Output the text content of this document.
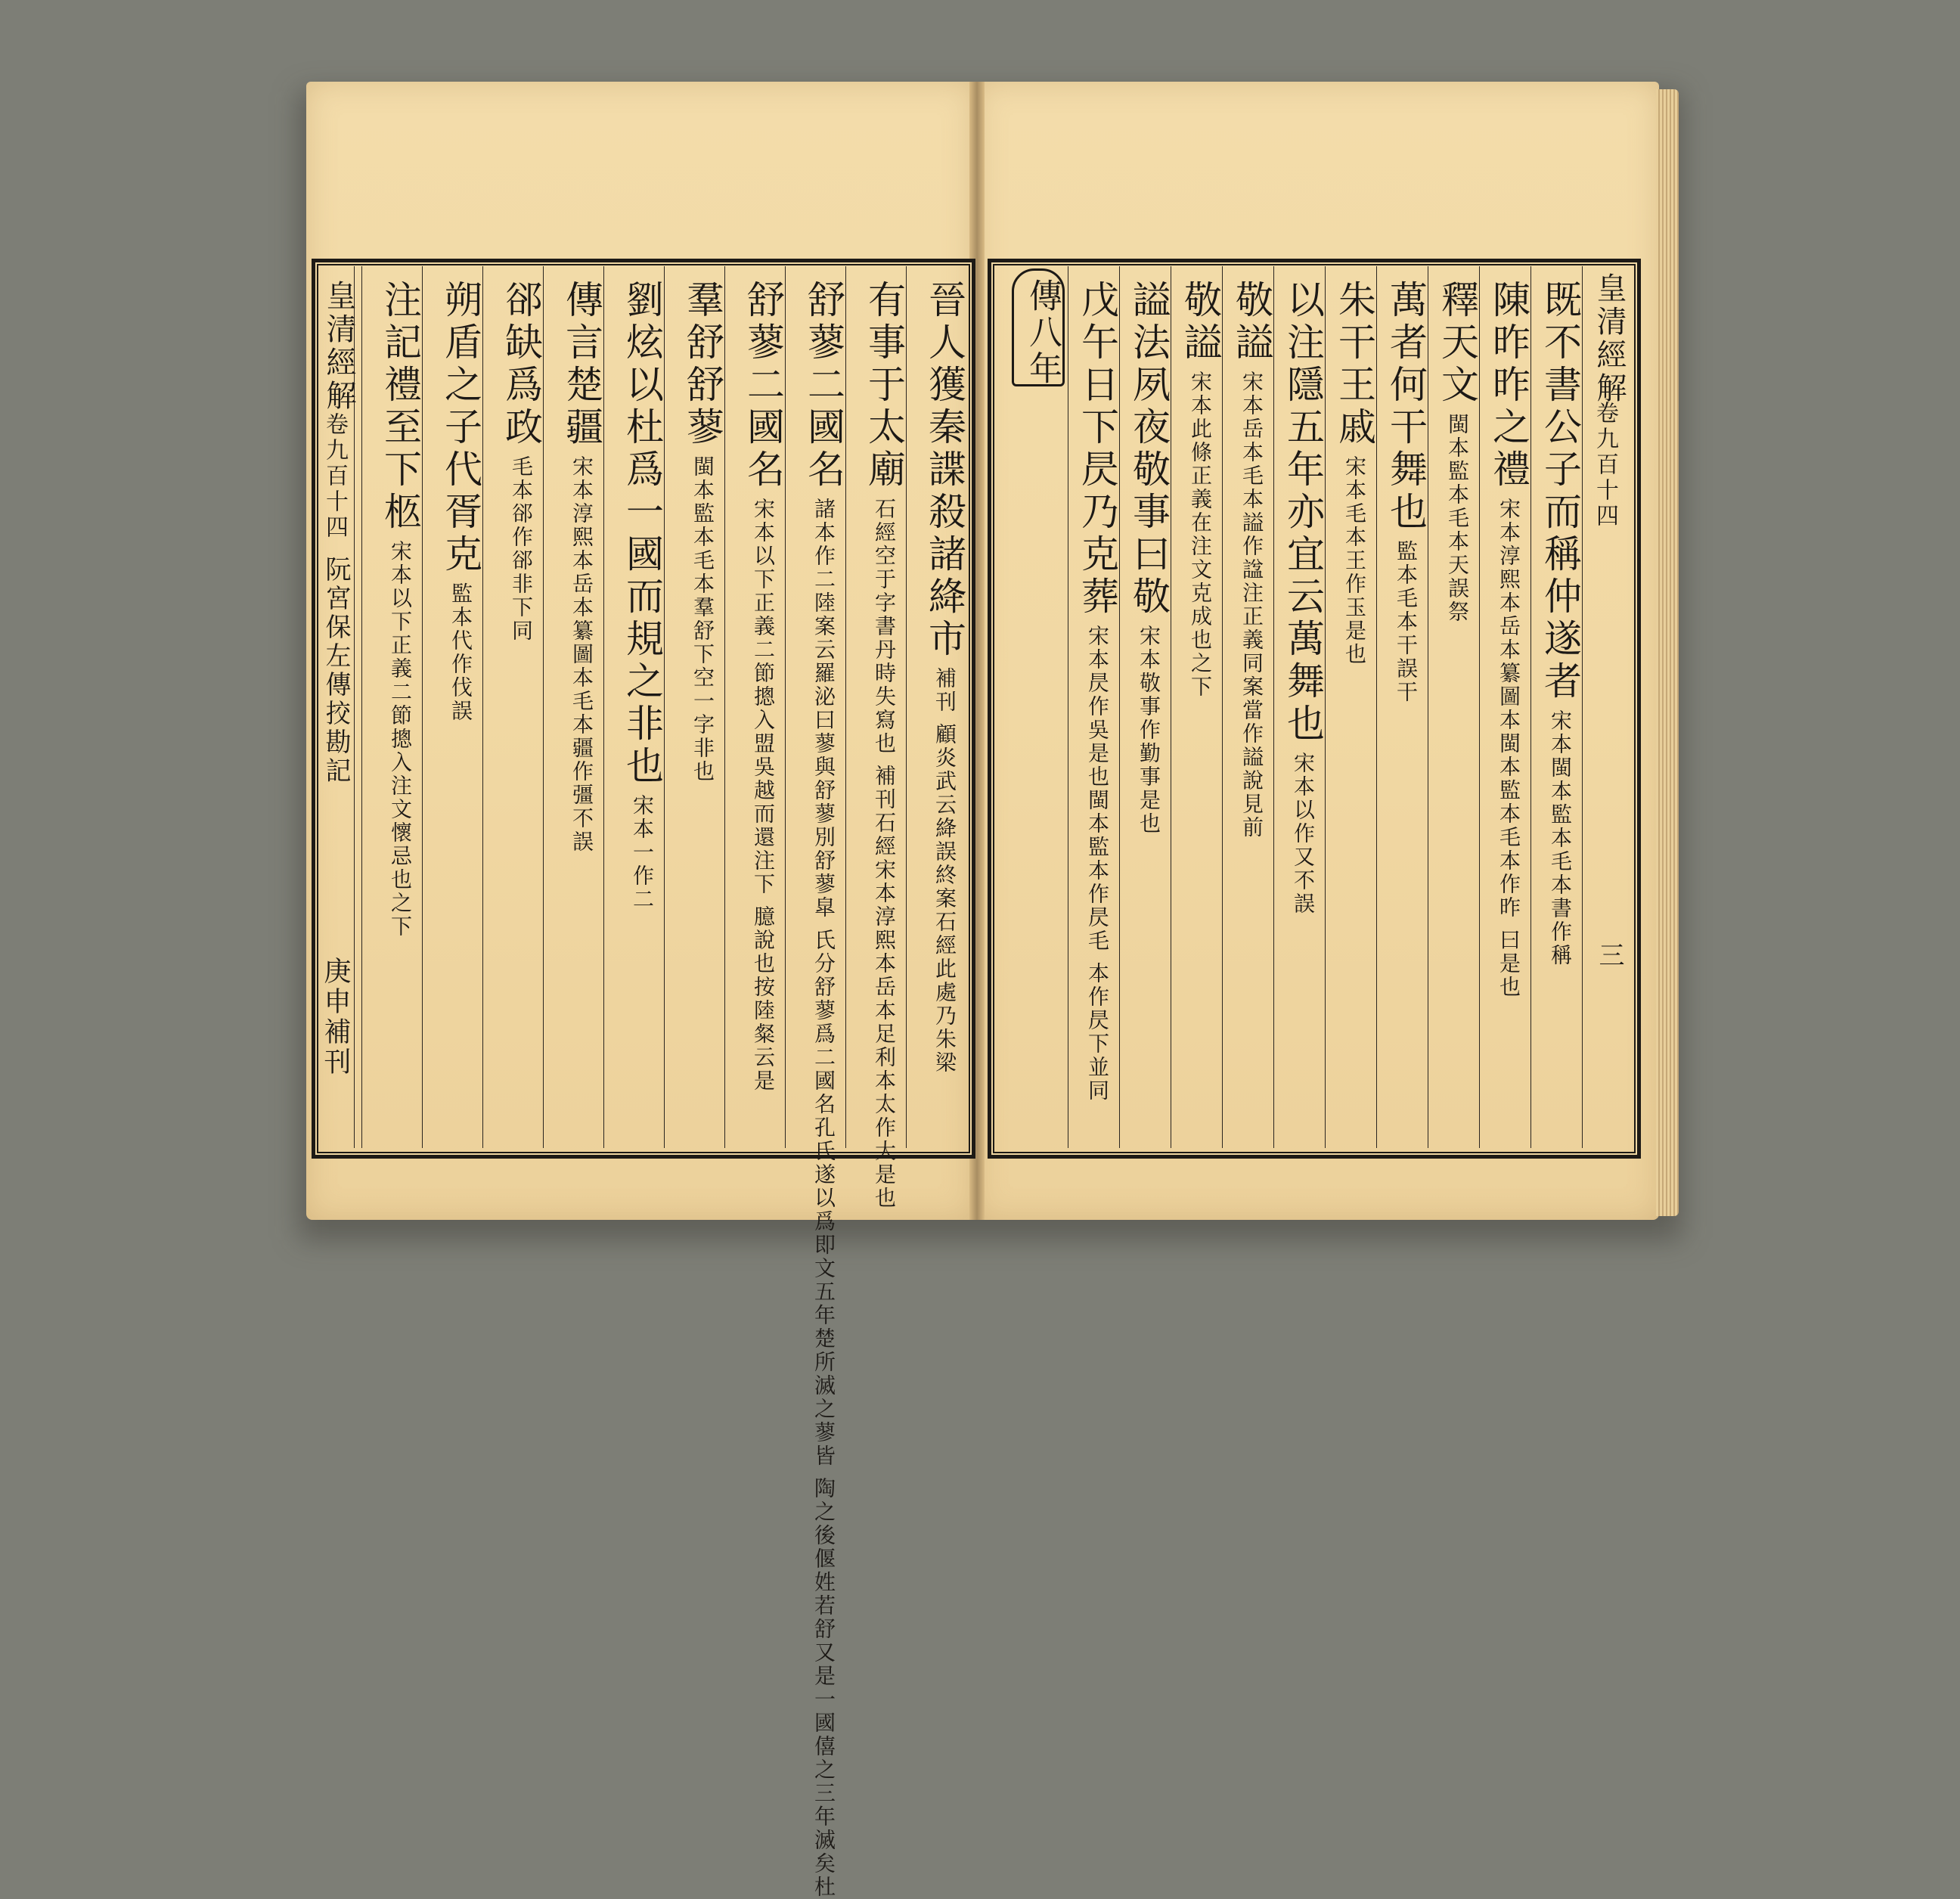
皇清經解
卷九百十四
阮宮保左傳挍勘記
庚申補刊
晉人獲秦諜殺諸絳市補刊 顧炎武云絳誤終案石經此處乃朱梁
有事于太廟石經空于字書丹時失寫也 補刊石經宋本淳熙本岳本足利本太作大是也
舒蓼二國名諸本作二陸案云羅泌曰蓼與舒蓼別舒蓼皐 氏分舒蓼爲二國名孔氏遂以爲即文五年楚所滅之蓼皆 陶之後偃姓若舒又是一國僖之三年滅矣杜
舒蓼二國名宋本以下正義二節摠入盟吳越而還注下 臆說也按陸粲云是
羣舒舒蓼閩本監本毛本羣舒下空一字非也
劉炫以杜爲一國而規之非也宋本一作二
傳言楚疆宋本淳熙本岳本纂圖本毛本疆作彊不誤
郤缺爲政毛本郤作郤非下同
朔盾之子代胥克監本代作伐誤
注記禮至下柩宋本以下正義二節摠入注文懷忌也之下
傳八年	皇清經解
卷九百十四
三
既不書公子而稱仲遂者宋本閩本監本毛本書作稱
陳昨昨之禮宋本淳熙本岳本纂圖本閩本監本毛本作昨 曰是也
釋天文閩本監本毛本天誤祭
萬者何干舞也監本毛本干誤干
朱干王戚宋本毛本王作玉是也
以注隱五年亦宜云萬舞也宋本以作又不誤
敬謚宋本岳本毛本謚作諡注正義同案當作謚說見前
敬謚宋本此條正義在注文克成也之下
謚法夙夜敬事曰敬宋本敬事作勤事是也
戊午日下昃乃克葬宋本昃作吳是也閩本監本作昃毛 本作昃下並同
